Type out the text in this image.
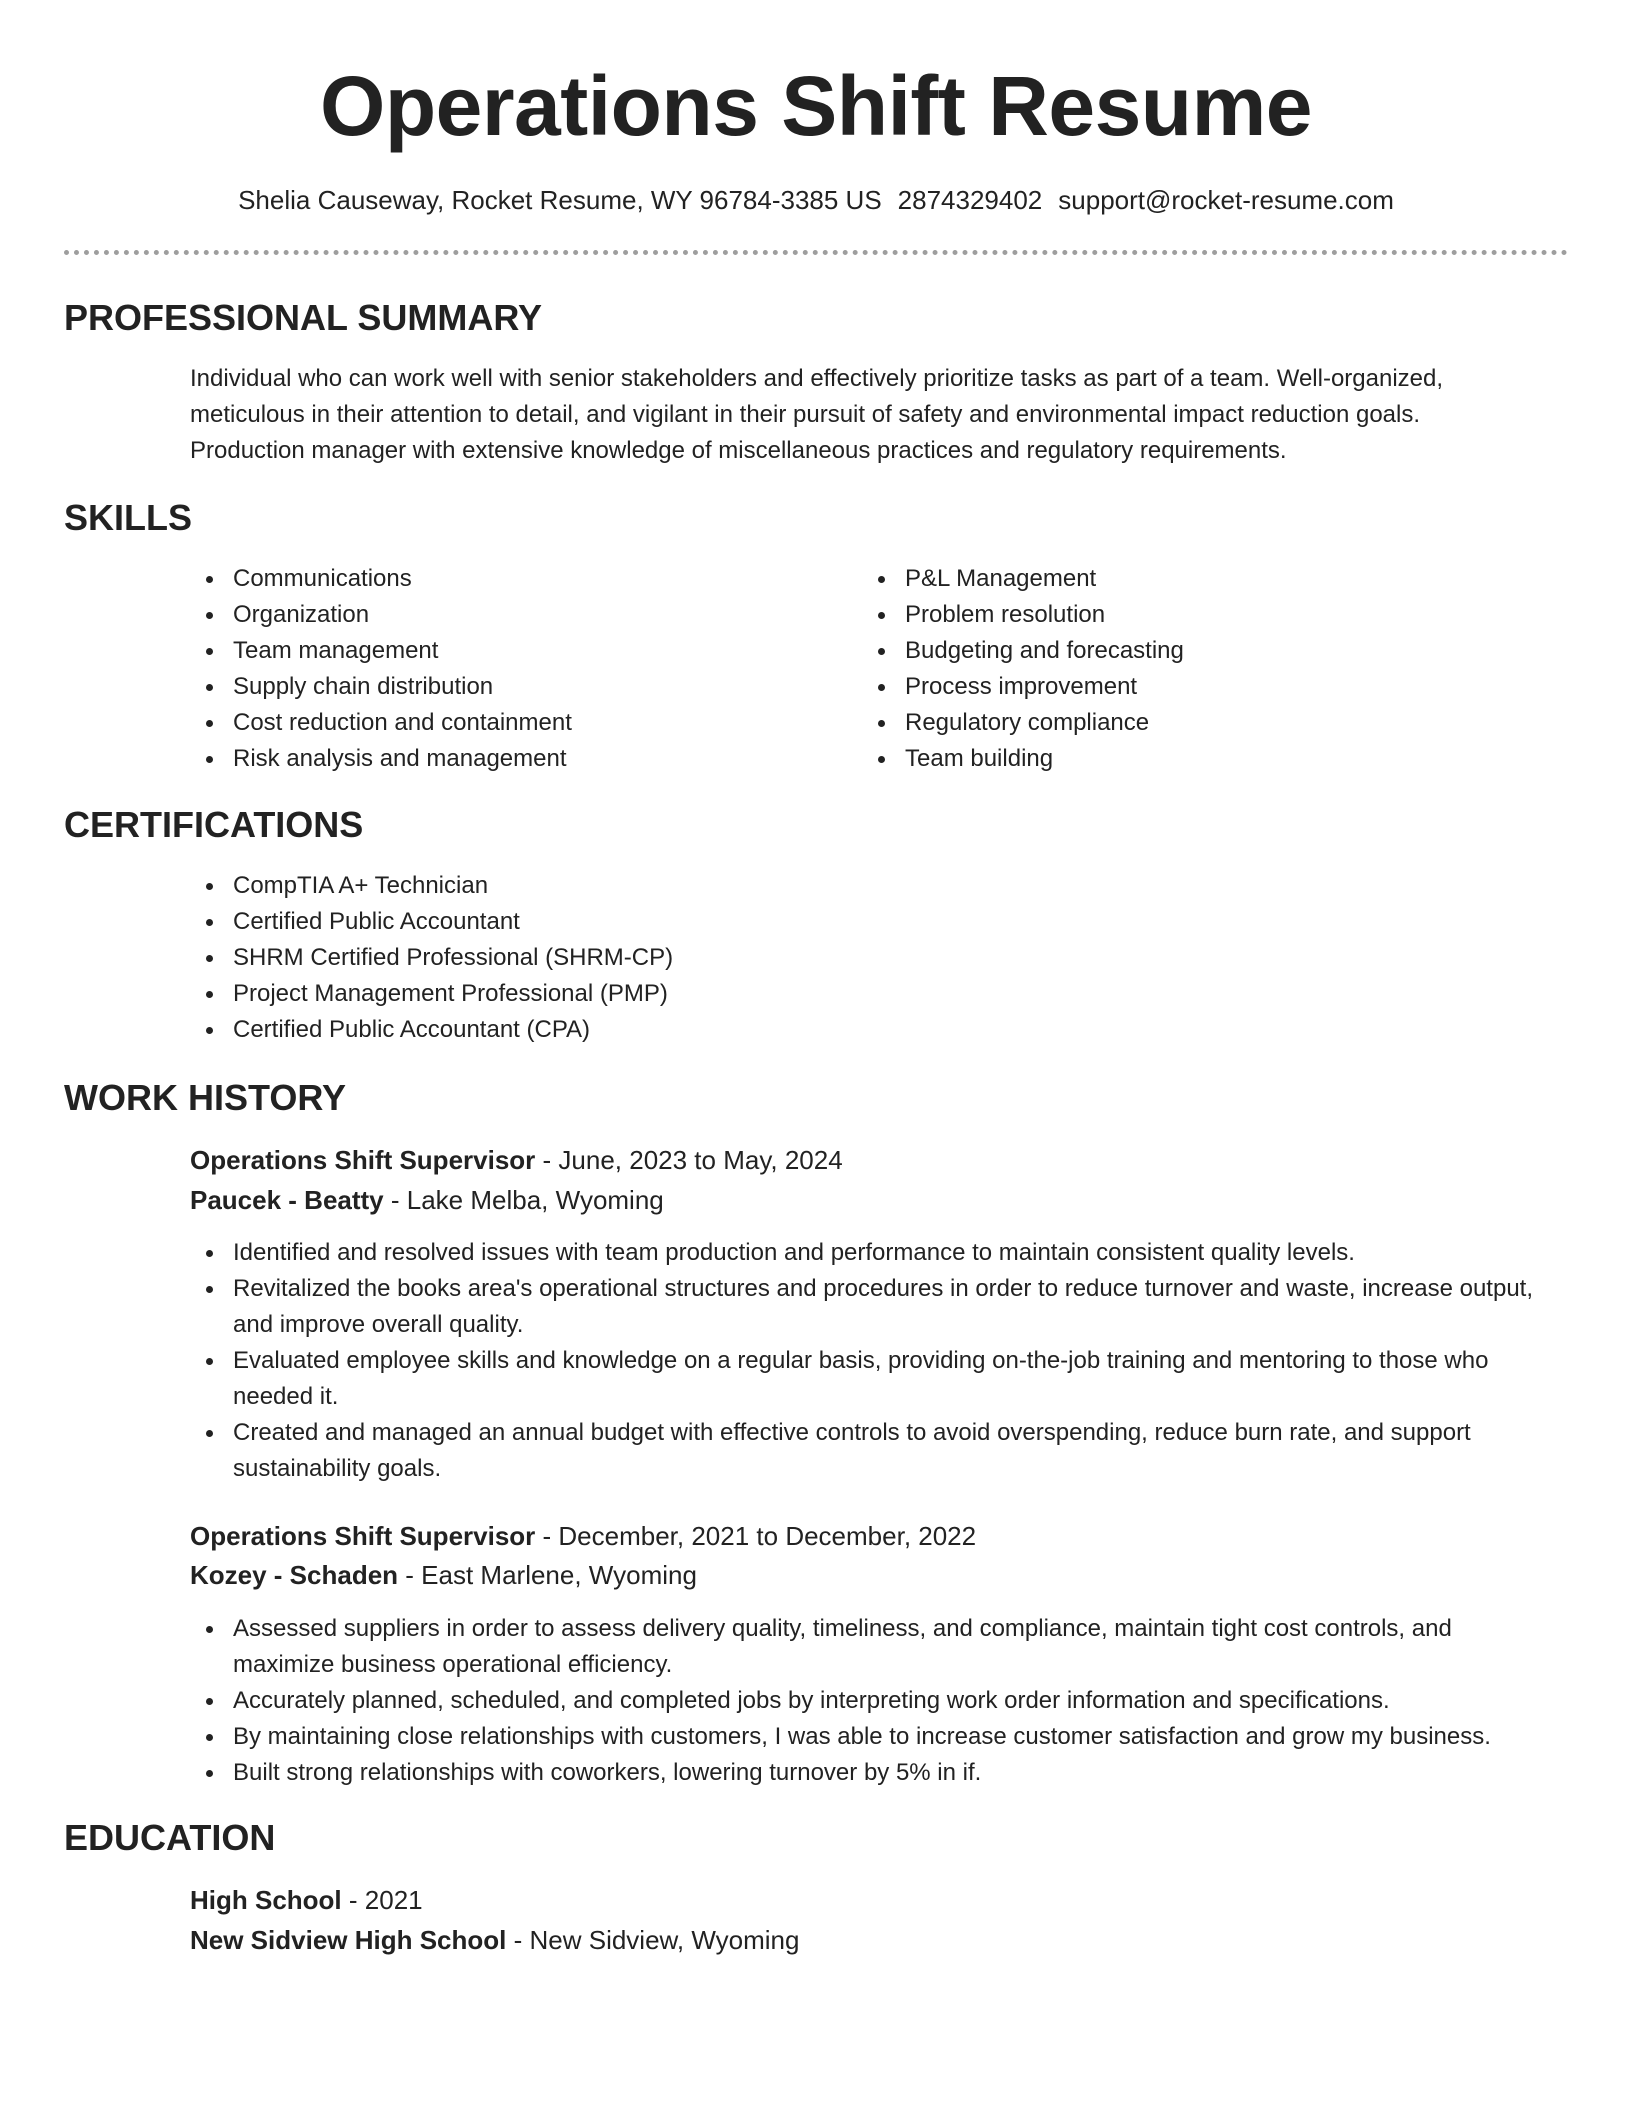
Operations Shift Resume
Shelia Causeway, Rocket Resume, WY 96784-3385 US 2874329402 support@rocket-resume.com
PROFESSIONAL SUMMARY

Individual who can work well with senior stakeholders and effectively prioritize tasks as part of a team. Well-organized, meticulous in their attention to detail, and vigilant in their pursuit of safety and environmental impact reduction goals. Production manager with extensive knowledge of miscellaneous practices and regulatory requirements.

SKILLS
Communications
Organization
Team management
Supply chain distribution
Cost reduction and containment
Risk analysis and management
P&L Management
Problem resolution
Budgeting and forecasting
Process improvement
Regulatory compliance
Team building
CERTIFICATIONS
CompTIA A+ Technician
Certified Public Accountant
SHRM Certified Professional (SHRM-CP)
Project Management Professional (PMP)
Certified Public Accountant (CPA)
WORK HISTORY
Operations Shift Supervisor - June, 2023 to May, 2024
Paucek - Beatty - Lake Melba, Wyoming
Identified and resolved issues with team production and performance to maintain consistent quality levels.
Revitalized the books area's operational structures and procedures in order to reduce turnover and waste, increase output, and improve overall quality.
Evaluated employee skills and knowledge on a regular basis, providing on-the-job training and mentoring to those who needed it.
Created and managed an annual budget with effective controls to avoid overspending, reduce burn rate, and support sustainability goals.
Operations Shift Supervisor - December, 2021 to December, 2022
Kozey - Schaden - East Marlene, Wyoming
Assessed suppliers in order to assess delivery quality, timeliness, and compliance, maintain tight cost controls, and maximize business operational efficiency.
Accurately planned, scheduled, and completed jobs by interpreting work order information and specifications.
By maintaining close relationships with customers, I was able to increase customer satisfaction and grow my business.
Built strong relationships with coworkers, lowering turnover by 5% in if.
EDUCATION
High School - 2021
New Sidview High School - New Sidview, Wyoming
